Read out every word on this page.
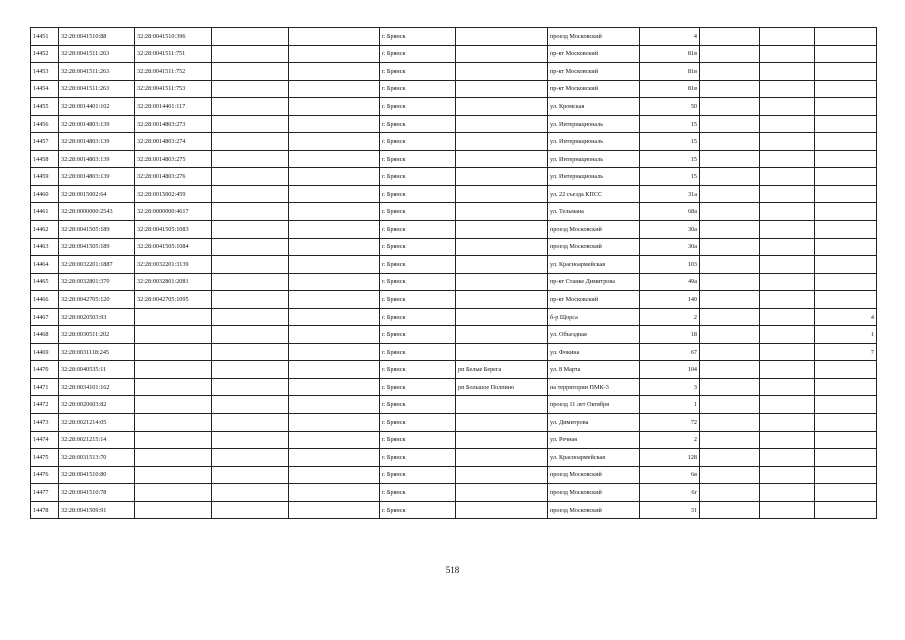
14451	32:28:0041510:88	32:28:0041510:396			г. Брянск		проезд Московский	4			
14452	32:28:0041511:263	32:28:0041511:751			г. Брянск		пр-кт Московский	81в			
14453	32:28:0041511:263	32:28:0041511:752			г. Брянск		пр-кт Московский	81в			
14454	32:28:0041511:263	32:28:0041511:753			г. Брянск		пр-кт Московский	81в			
14455	32:28:0014401:102	32:28:0014401:117			г. Брянск		ул. Кромская	50			
14456	32:28:0014803:139	32:28:0014803:273			г. Брянск		ул. Интернациональ	15			
14457	32:28:0014803:139	32:28:0014803:274			г. Брянск		ул. Интернациональ	15			
14458	32:28:0014803:139	32:28:0014803:275			г. Брянск		ул. Интернациональ	15			
14459	32:28:0014803:139	32:28:0014803:276			г. Брянск		ул. Интернациональ	15			
14460	32:28:0015002:64	32:28:0015002:459			г. Брянск		ул. 22 съезда КПСС	31а			
14461	32:28:0000000:2543	32:28:0000000:4617			г. Брянск		ул. Тельмана	68а			
14462	32:28:0041505:189	32:28:0041505:1083			г. Брянск		проезд Московский	30а			
14463	32:28:0041505:189	32:28:0041505:1084			г. Брянск		проезд Московский	30а			
14464	32:28:0032201:1887	32:28:0032201:3139			г. Брянск		ул. Красноармейская	103			
14465	32:28:0032801:370	32:28:0032801:2081			г. Брянск		пр-кт Станке Димитрова	49а			
14466	32:28:0042705:120	32:28:0042705:1095			г. Брянск		пр-кт Московский	140			
14467	32:28:0020503:93				г. Брянск		б-р Щорса	2			4
14468	32:28:0030511:202				г. Брянск		ул. Объездная	18			1
14469	32:28:0031118:245				г. Брянск		ул. Фокина	67			7
14470	32:28:0040535:11				г. Брянск	рп Белые Берега	ул. 8 Марта	104			
14471	32:28:0034101:162				г. Брянск	рп Большое Полпино	на территории ПМК-3	3			
14472	32:28:0020603:82				г. Брянск		проезд 11 лет Октября	1			
14473	32:28:0021214:05				г. Брянск		ул. Димитрова	72			
14474	32:28:0021215:14				г. Брянск		ул. Речная	2			
14475	32:28:0031513:70				г. Брянск		ул. Красноармейская	128			
14476	32:28:0041510:80				г. Брянск		проезд Московский	6в			
14477	32:28:0041510:78				г. Брянск		проезд Московский	6г			
14478	32:28:0041509:91				г. Брянск		проезд Московский	31			
518
